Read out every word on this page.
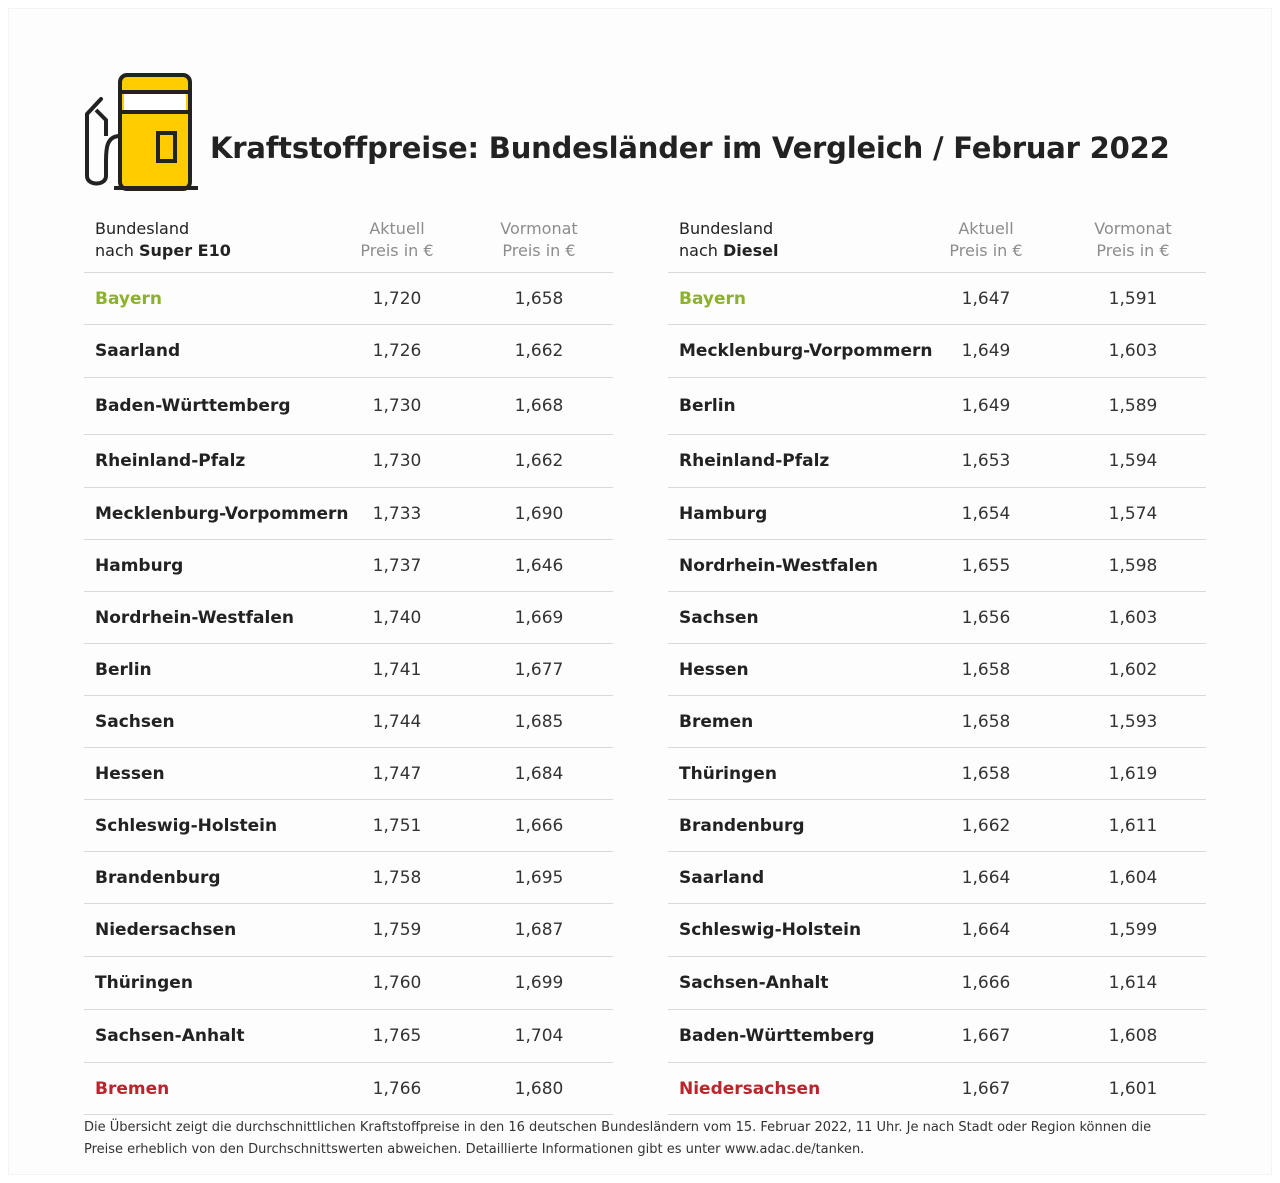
Kraftstoffpreise: Bundesländer im Vergleich / Februar 2022
Bundesland
nach Super E10
Aktuell
Preis in €
Vormonat
Preis in €
Bayern	1,720	1,658
Saarland	1,726	1,662
Baden-Württemberg	1,730	1,668
Rheinland-Pfalz	1,730	1,662
Mecklenburg-Vorpommern	1,733	1,690
Hamburg	1,737	1,646
Nordrhein-Westfalen	1,740	1,669
Berlin	1,741	1,677
Sachsen	1,744	1,685
Hessen	1,747	1,684
Schleswig-Holstein	1,751	1,666
Brandenburg	1,758	1,695
Niedersachsen	1,759	1,687
Thüringen	1,760	1,699
Sachsen-Anhalt	1,765	1,704
Bremen	1,766	1,680
Bundesland
nach Diesel
Aktuell
Preis in €
Vormonat
Preis in €
Bayern	1,647	1,591
Mecklenburg-Vorpommern	1,649	1,603
Berlin	1,649	1,589
Rheinland-Pfalz	1,653	1,594
Hamburg	1,654	1,574
Nordrhein-Westfalen	1,655	1,598
Sachsen	1,656	1,603
Hessen	1,658	1,602
Bremen	1,658	1,593
Thüringen	1,658	1,619
Brandenburg	1,662	1,611
Saarland	1,664	1,604
Schleswig-Holstein	1,664	1,599
Sachsen-Anhalt	1,666	1,614
Baden-Württemberg	1,667	1,608
Niedersachsen	1,667	1,601

Die Übersicht zeigt die durchschnittlichen Kraftstoffpreise in den 16 deutschen Bundesländern vom 15. Februar 2022, 11 Uhr. Je nach Stadt oder Region können die
Preise erheblich von den Durchschnittswerten abweichen. Detaillierte Informationen gibt es unter www.adac.de/tanken.
